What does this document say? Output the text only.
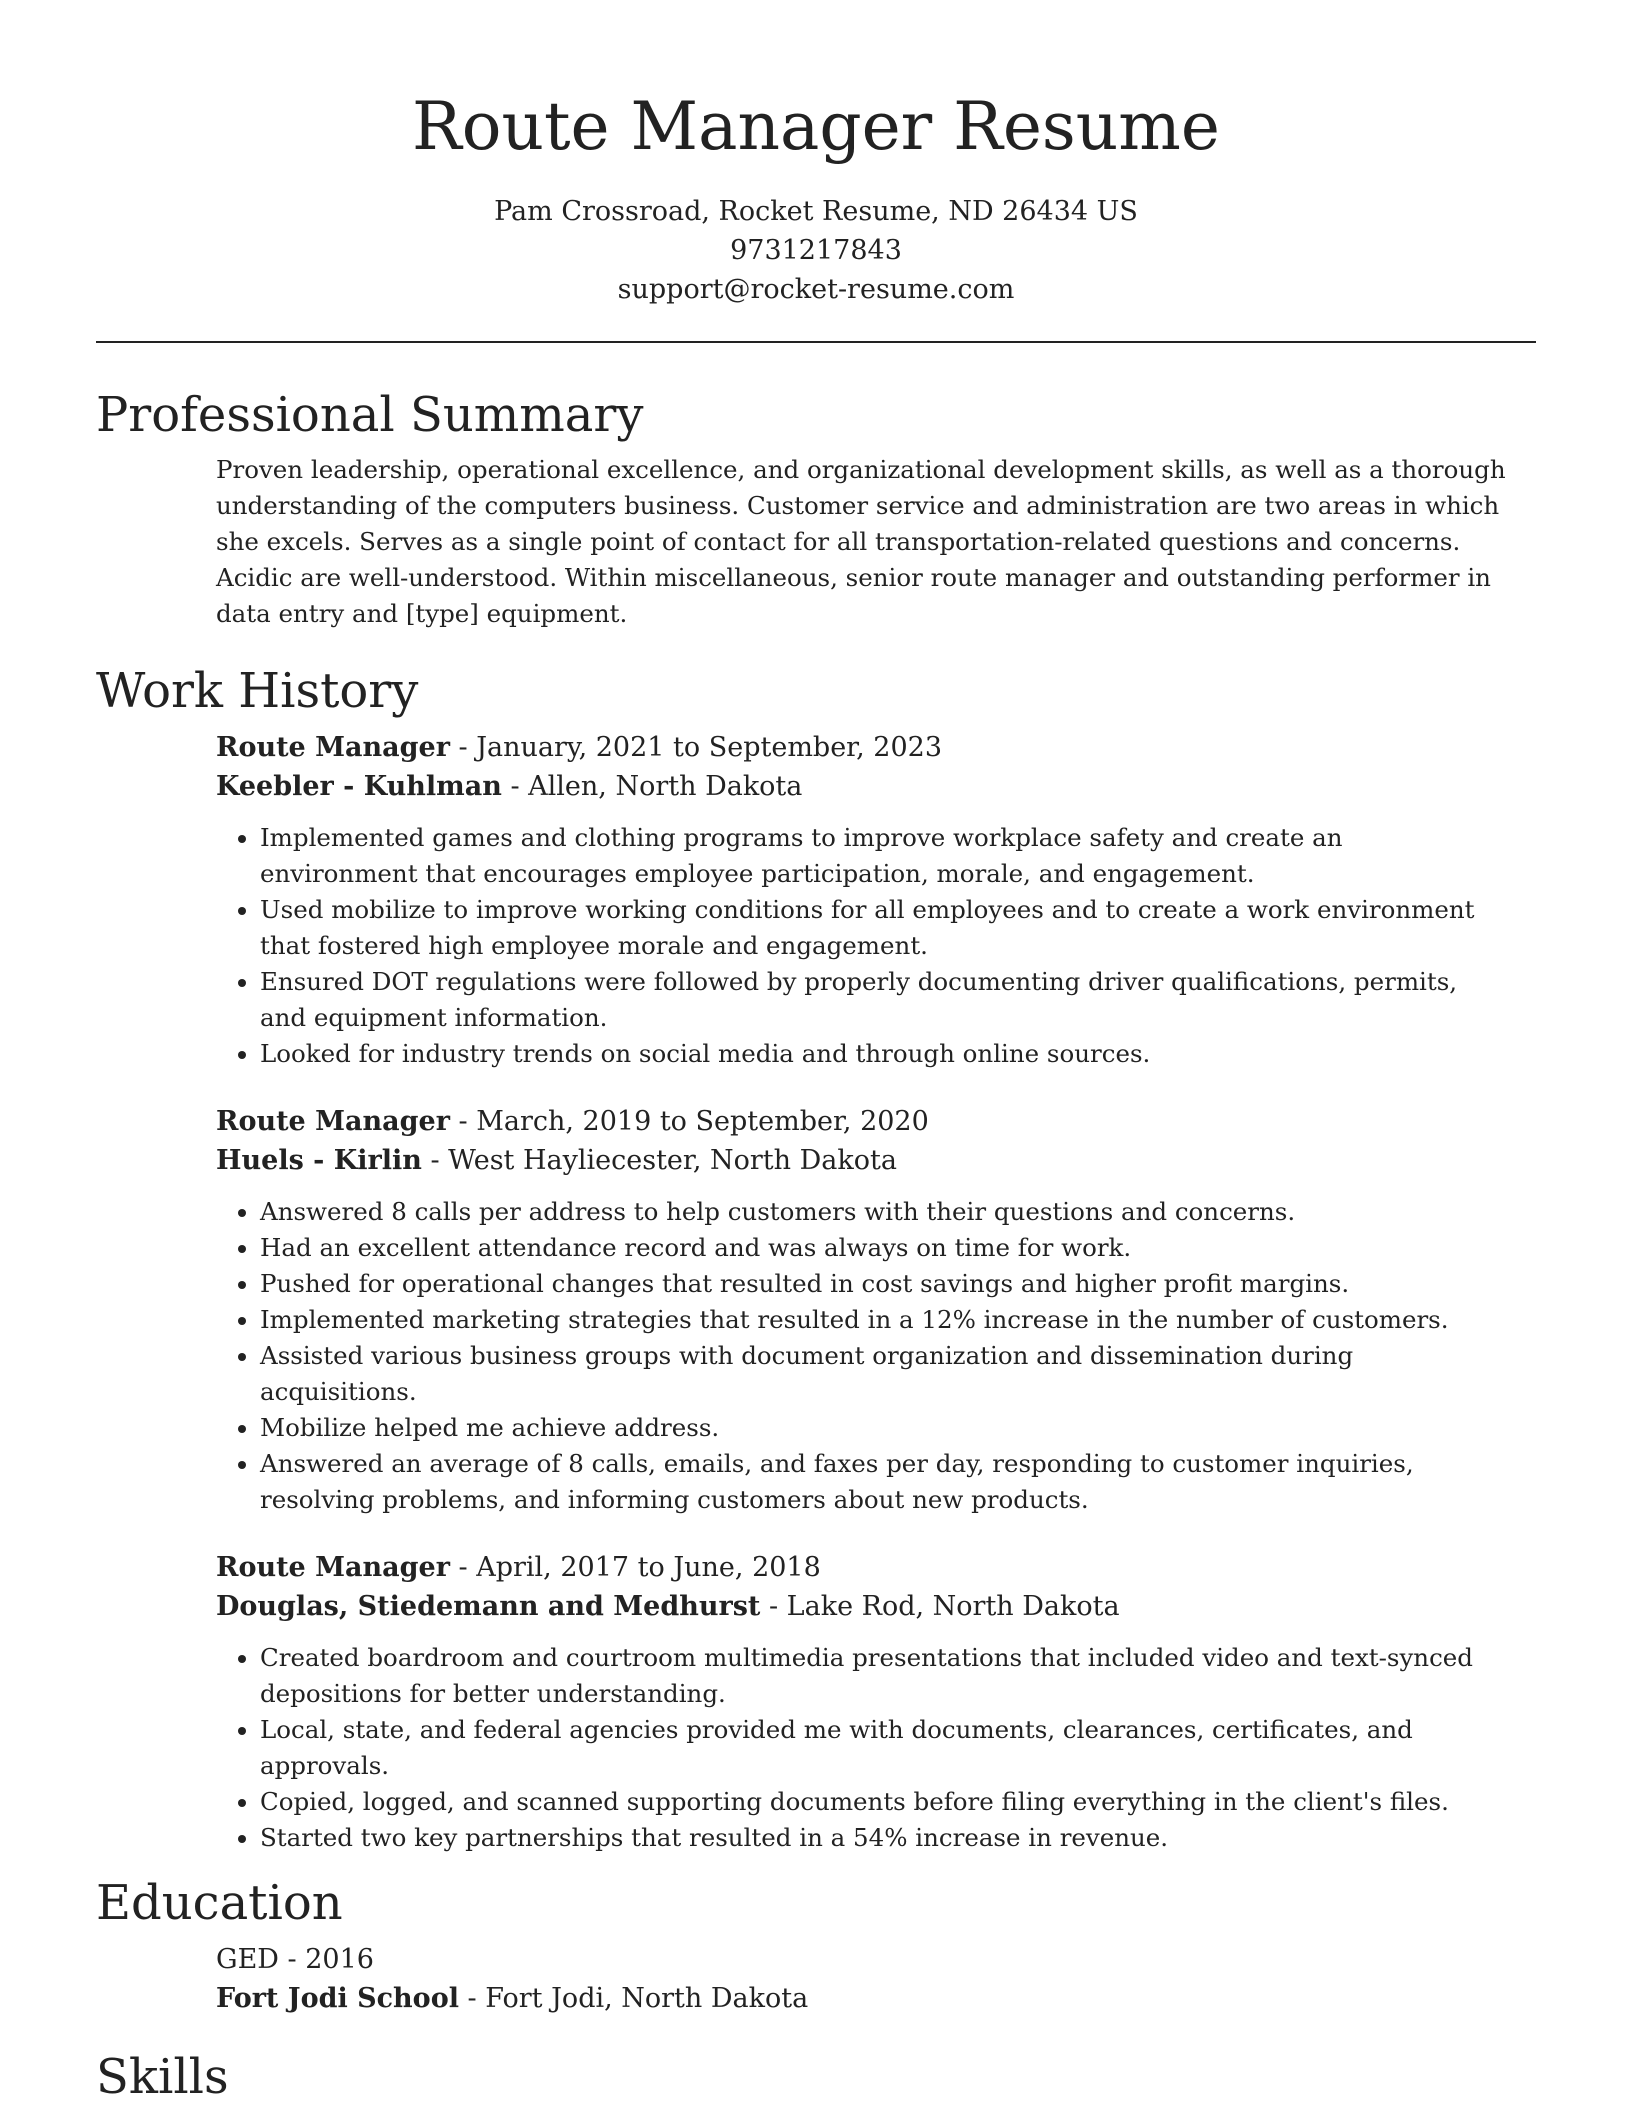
Route Manager Resume
Pam Crossroad, Rocket Resume, ND 26434 US
9731217843
support@rocket-resume.com
Professional Summary

Proven leadership, operational excellence, and organizational development skills, as well as a thorough understanding of the computers business. Customer service and administration are two areas in which she excels. Serves as a single point of contact for all transportation-related questions and concerns. Acidic are well-understood. Within miscellaneous, senior route manager and outstanding performer in data entry and [type] equipment.

Work History
Route Manager - January, 2021 to September, 2023
Keebler - Kuhlman - Allen, North Dakota
• Implemented games and clothing programs to improve workplace safety and create an environment that encourages employee participation, morale, and engagement.
• Used mobilize to improve working conditions for all employees and to create a work environment that fostered high employee morale and engagement.
• Ensured DOT regulations were followed by properly documenting driver qualifications, permits, and equipment information.
• Looked for industry trends on social media and through online sources.
Route Manager - March, 2019 to September, 2020
Huels - Kirlin - West Hayliecester, North Dakota
• Answered 8 calls per address to help customers with their questions and concerns.
• Had an excellent attendance record and was always on time for work.
• Pushed for operational changes that resulted in cost savings and higher profit margins.
• Implemented marketing strategies that resulted in a 12% increase in the number of customers.
• Assisted various business groups with document organization and dissemination during acquisitions.
• Mobilize helped me achieve address.
• Answered an average of 8 calls, emails, and faxes per day, responding to customer inquiries, resolving problems, and informing customers about new products.
Route Manager - April, 2017 to June, 2018
Douglas, Stiedemann and Medhurst - Lake Rod, North Dakota
• Created boardroom and courtroom multimedia presentations that included video and text-synced depositions for better understanding.
• Local, state, and federal agencies provided me with documents, clearances, certificates, and approvals.
• Copied, logged, and scanned supporting documents before filing everything in the client's files.
• Started two key partnerships that resulted in a 54% increase in revenue.
Education
GED - 2016
Fort Jodi School - Fort Jodi, North Dakota
Skills
